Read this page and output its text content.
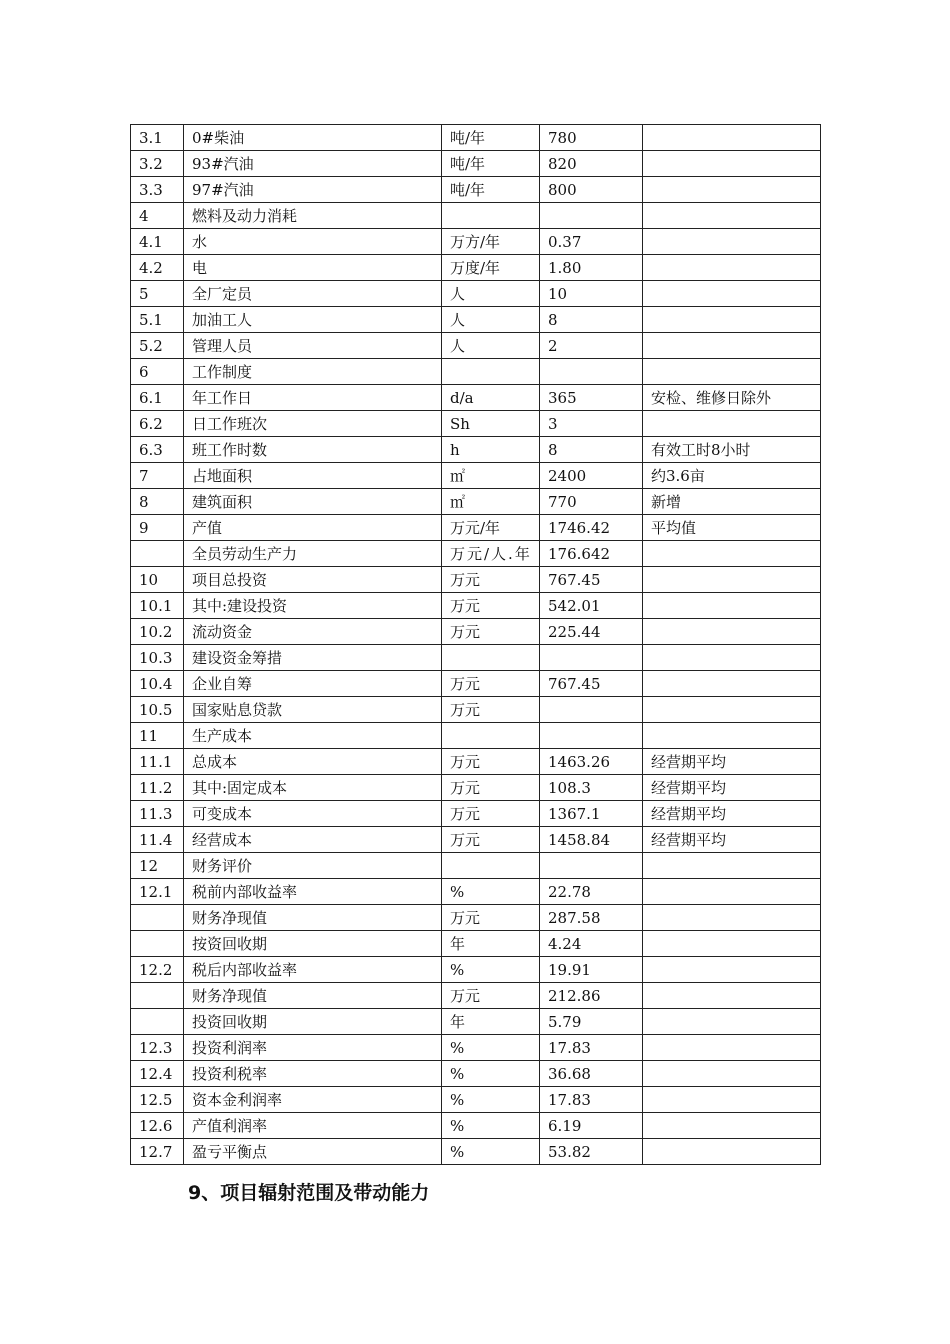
3.1	0#柴油	吨/年	780	
3.2	93#汽油	吨/年	820	
3.3	97#汽油	吨/年	800	
4	燃料及动力消耗			
4.1	水	万方/年	0.37	
4.2	电	万度/年	1.80	
5	全厂定员	人	10	
5.1	加油工人	人	8	
5.2	管理人员	人	2	
6	工作制度			
6.1	年工作日	d/a	365	安检、维修日除外
6.2	日工作班次	Sh	3	
6.3	班工作时数	h	8	有效工时8小时
7	占地面积	㎡	2400	约3.6亩
8	建筑面积	㎡	770	新增
9	产值	万元/年	1746.42	平均值
	全员劳动生产力	万元/人.年	176.642	
10	项目总投资	万元	767.45	
10.1	其中:建设投资	万元	542.01	
10.2	流动资金	万元	225.44	
10.3	建设资金筹措			
10.4	企业自筹	万元	767.45	
10.5	国家贴息贷款	万元		
11	生产成本			
11.1	总成本	万元	1463.26	经营期平均
11.2	其中:固定成本	万元	108.3	经营期平均
11.3	可变成本	万元	1367.1	经营期平均
11.4	经营成本	万元	1458.84	经营期平均
12	财务评价			
12.1	税前内部收益率	%	22.78	
	财务净现值	万元	287.58	
	按资回收期	年	4.24	
12.2	税后内部收益率	%	19.91	
	财务净现值	万元	212.86	
	投资回收期	年	5.79	
12.3	投资利润率	%	17.83	
12.4	投资利税率	%	36.68	
12.5	资本金利润率	%	17.83	
12.6	产值利润率	%	6.19	
12.7	盈亏平衡点	%	53.82	
9、项目辐射范围及带动能力
